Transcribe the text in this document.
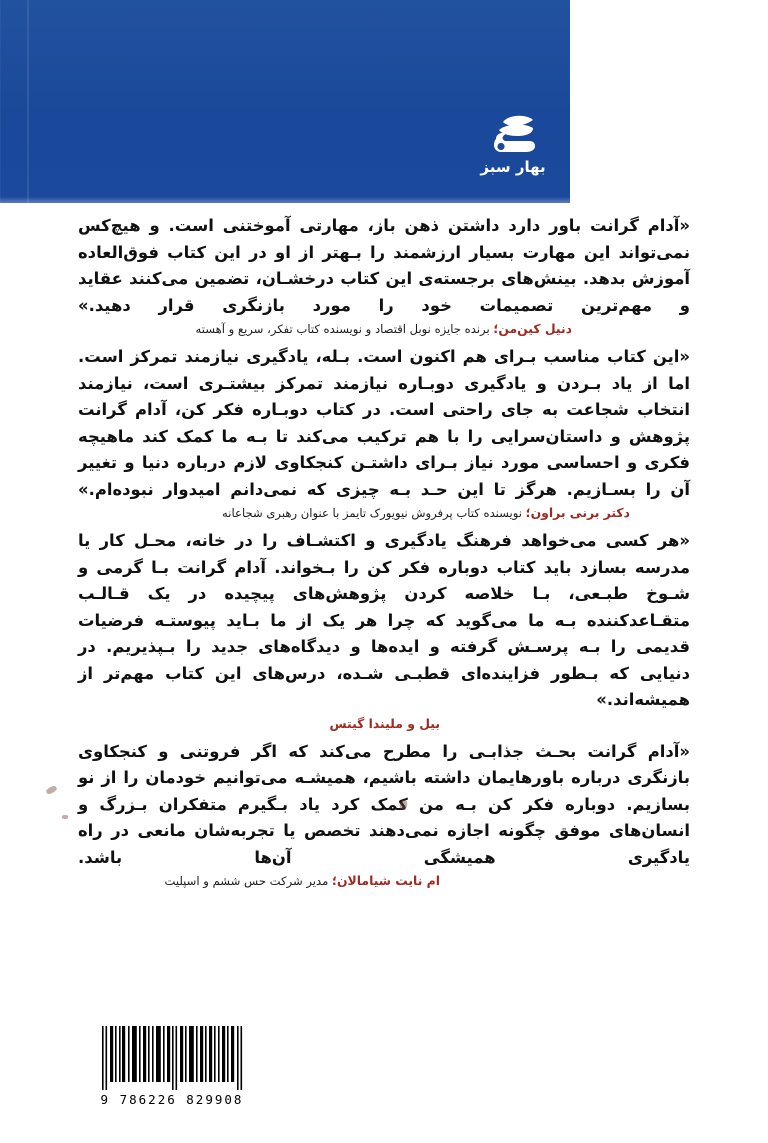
بهار سبز

«آدام گرانت باور دارد داشتن ذهن باز، مهارتی آموختنی است. و هیچ‌کس نمی‌تواند این مهارت بسیار ارزشمند را بـهتر از او در این کتاب فوق‌العاده آموزش بدهد. بینش‌های برجسته‌ی این کتاب درخشـان، تضمین می‌کنند عقاید و مهم‌ترین تصمیمات خود را مورد بازنگری قرار دهید.»

دنیل کین‌من؛ برنده جایزه نوبل اقتصاد و نویسنده کتاب تفکر، سریع و آهسته

«این کتاب مناسب بـرای هم اکنون است. بـله، یادگیری نیازمند تمرکز است. اما از یاد بـردن و یادگیری دوبـاره نیازمند تمرکز بیشتـری است، نیازمند انتخاب شجاعت به جای راحتی است. در کتاب دوبـاره فکر کن، آدام گرانت پژوهش و داستان‌سرایی را با هم ترکیب می‌کند تا بـه ما کمک کند ماهیچه فکری و احساسی مورد نیاز بـرای داشتـن کنجکاوی لازم درباره دنیا و تغییر آن را بسـازیم. هرگز تا این حـد بـه چیزی که نمی‌دانم امیدوار نبوده‌ام.»

دکتر برنی براون؛ نویسنده کتاب پرفروش نیویورک تایمز با عنوان رهبری شجاعانه

«هر کسی می‌خواهد فرهنگ یادگیری و اکتشـاف را در خانه، محـل کار یا مدرسه بسازد باید کتاب دوباره فکر کن را بـخواند. آدام گرانت بـا گرمی و شـوخ طبـعی، بـا خلاصه کردن پژوهش‌های پیچیده در یک قـالـب متقـاعدکننده بـه ما می‌گوید که چرا هر یک از ما بـاید پیوستـه فرضیات قدیمی را بـه پرسـش گرفته و ایده‌ها و دیدگاه‌های جدید را بـپذیریم. در دنیایی که بـطور فزاینده‌ای قطبـی شـده، درس‌های این کتاب مهم‌تر از همیشه‌اند.»

بیل و ملیندا گیتس

«آدام گرانت بحـث جذابـی را مطرح می‌کند که اگر فروتنی و کنجکاوی بازنگری درباره باورهایمان داشته باشیم، همیشـه می‌توانیم خودمان را از نو بسازیم. دوباره فکر کن بـه من کمک کرد یاد بـگیرم متفکران بـزرگ و انسان‌های موفق چگونه اجازه نمی‌دهند تخصص یا تجربه‌شان مانعی در راه یادگیری همیشگی آن‌ها باشد.

ام نایت شیامالان؛ مدیر شرکت حس ششم و اسپلیت
9 786226 829908
